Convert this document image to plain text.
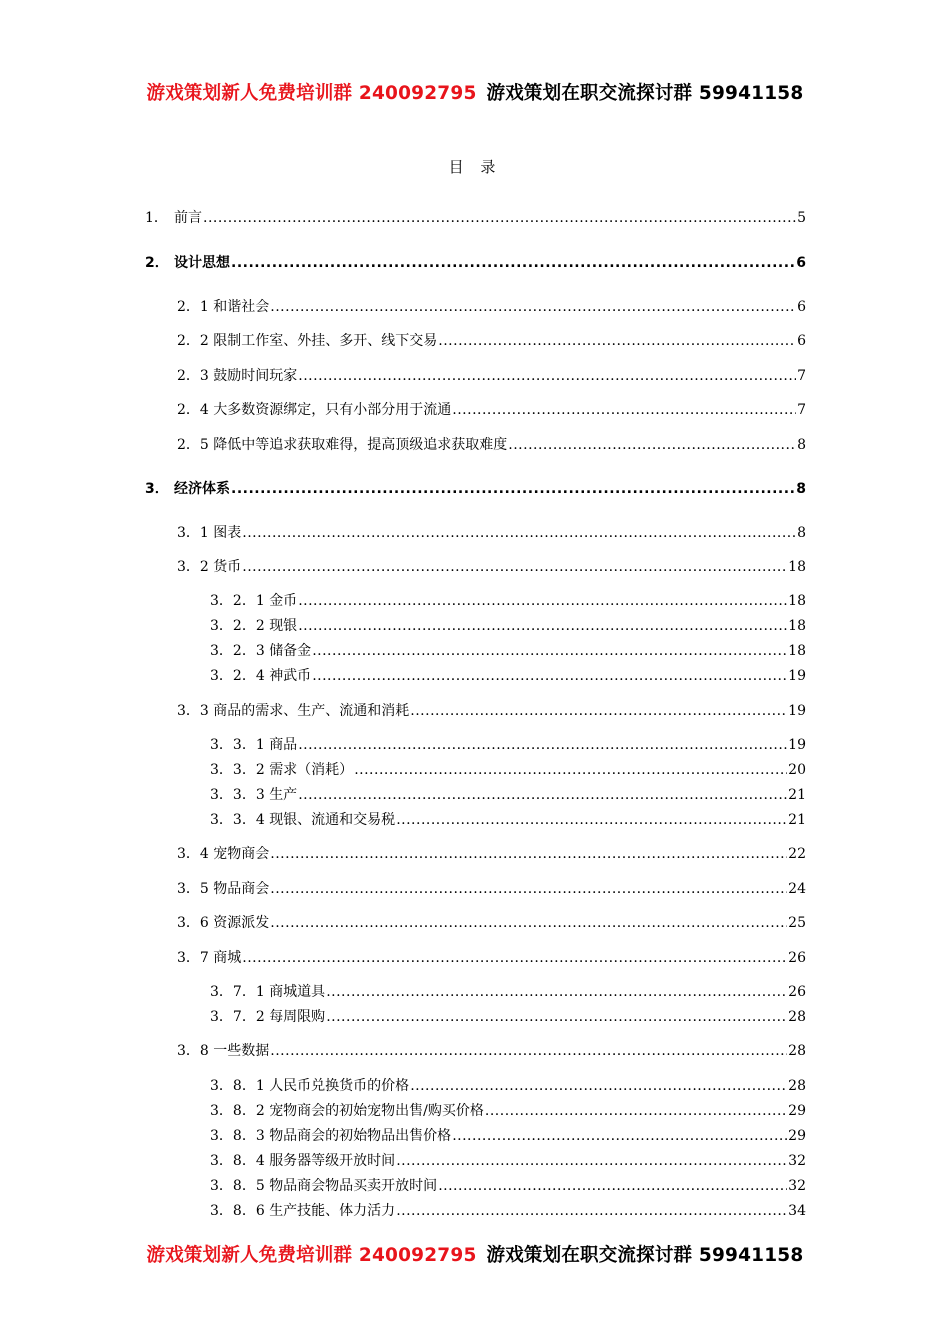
游戏策划新人免费培训群 240092795 游戏策划在职交流探讨群 59941158
目 录
1． 前言 .....	5
2． 设计思想 .....	6
2．1 和谐社会 .....	6
2．2 限制工作室、外挂、多开、线下交易 .....	6
2．3 鼓励时间玩家 .....	7
2．4 大多数资源绑定，只有小部分用于流通 .....	7
2．5 降低中等追求获取难得，提高顶级追求获取难度 .....	8
3． 经济体系 .....	8
3．1 图表 .....	8
3．2 货币 .....	18
3．2．1 金币 .....	18
3．2．2 现银 .....	18
3．2．3 储备金 .....	18
3．2．4 神武币 .....	19
3．3 商品的需求、生产、流通和消耗 .....	19
3．3．1 商品 .....	19
3．3．2 需求（消耗） .....	20
3．3．3 生产 .....	21
3．3．4 现银、流通和交易税 .....	21
3．4 宠物商会 .....	22
3．5 物品商会 .....	24
3．6 资源派发 .....	25
3．7 商城 .....	26
3．7．1 商城道具 .....	26
3．7．2 每周限购 .....	28
3．8 一些数据 .....	28
3．8．1 人民币兑换货币的价格 .....	28
3．8．2 宠物商会的初始宠物出售/购买价格 .....	29
3．8．3 物品商会的初始物品出售价格 .....	29
3．8．4 服务器等级开放时间 .....	32
3．8．5 物品商会物品买卖开放时间 .....	32
3．8．6 生产技能、体力活力 .....	34
游戏策划新人免费培训群 240092795 游戏策划在职交流探讨群 59941158
